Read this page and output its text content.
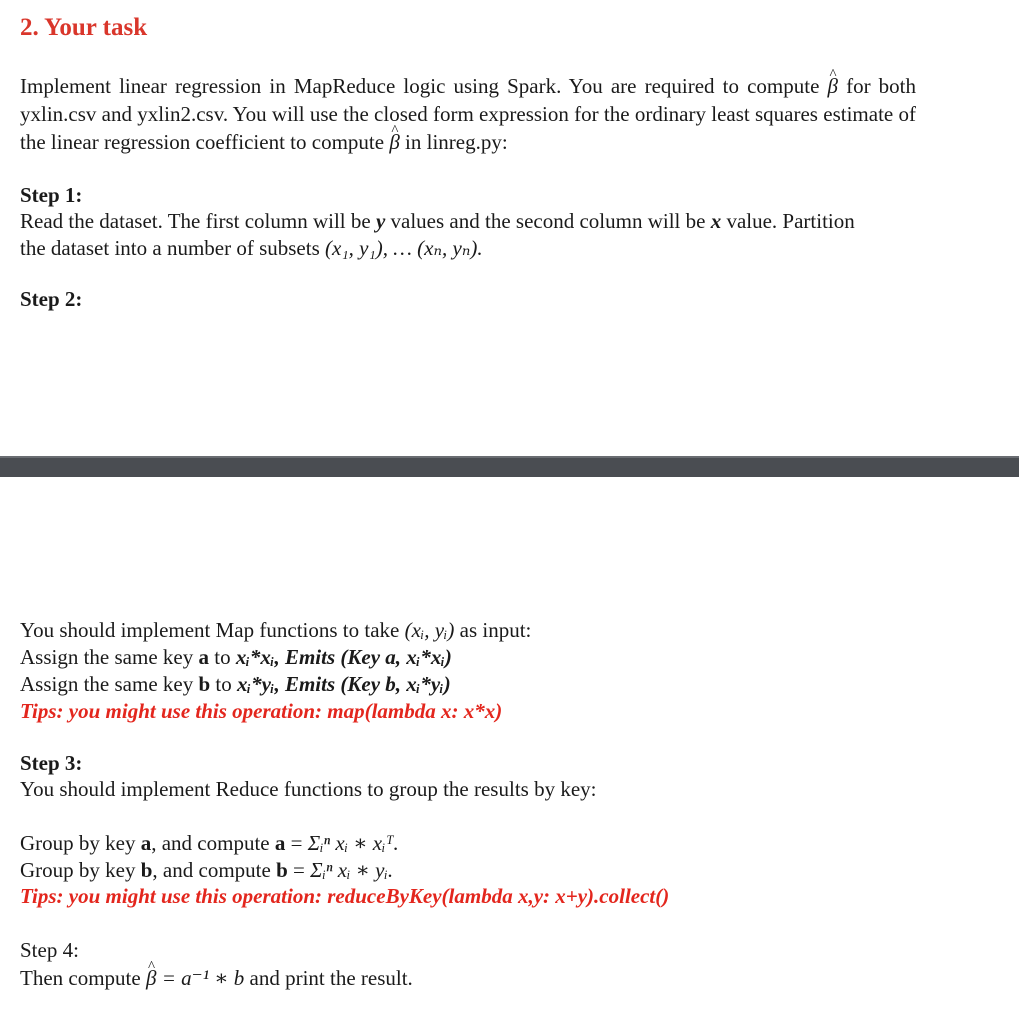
2. Your task

Implement linear regression in MapReduce logic using Spark. You are required to compute ^ β for both yxlin.csv and yxlin2.csv. You will use the closed form expression for the ordinary least squares estimate of the linear regression coefficient to compute ^ β in linreg.py:

Step 1:
Read the dataset. The first column will be y values and the second column will be x value. Partition
the dataset into a number of subsets (x₁, y₁), … (xₙ, yₙ).
Step 2:
You should implement Map functions to take (xᵢ, yᵢ) as input:
Assign the same key a to xᵢ*xᵢ, Emits (Key a, xᵢ*xᵢ)
Assign the same key b to xᵢ*yᵢ, Emits (Key b, xᵢ*yᵢ)
Tips: you might use this operation: map(lambda x: x*x)
Step 3:
You should implement Reduce functions to group the results by key:
Group by key a, and compute a = Σᵢⁿ xᵢ ∗ xᵢᵀ.
Group by key b, and compute b = Σᵢⁿ xᵢ ∗ yᵢ.
Tips: you might use this operation: reduceByKey(lambda x,y: x+y).collect()
Step 4:
Then compute ^ β = a⁻¹ ∗ b and print the result.
